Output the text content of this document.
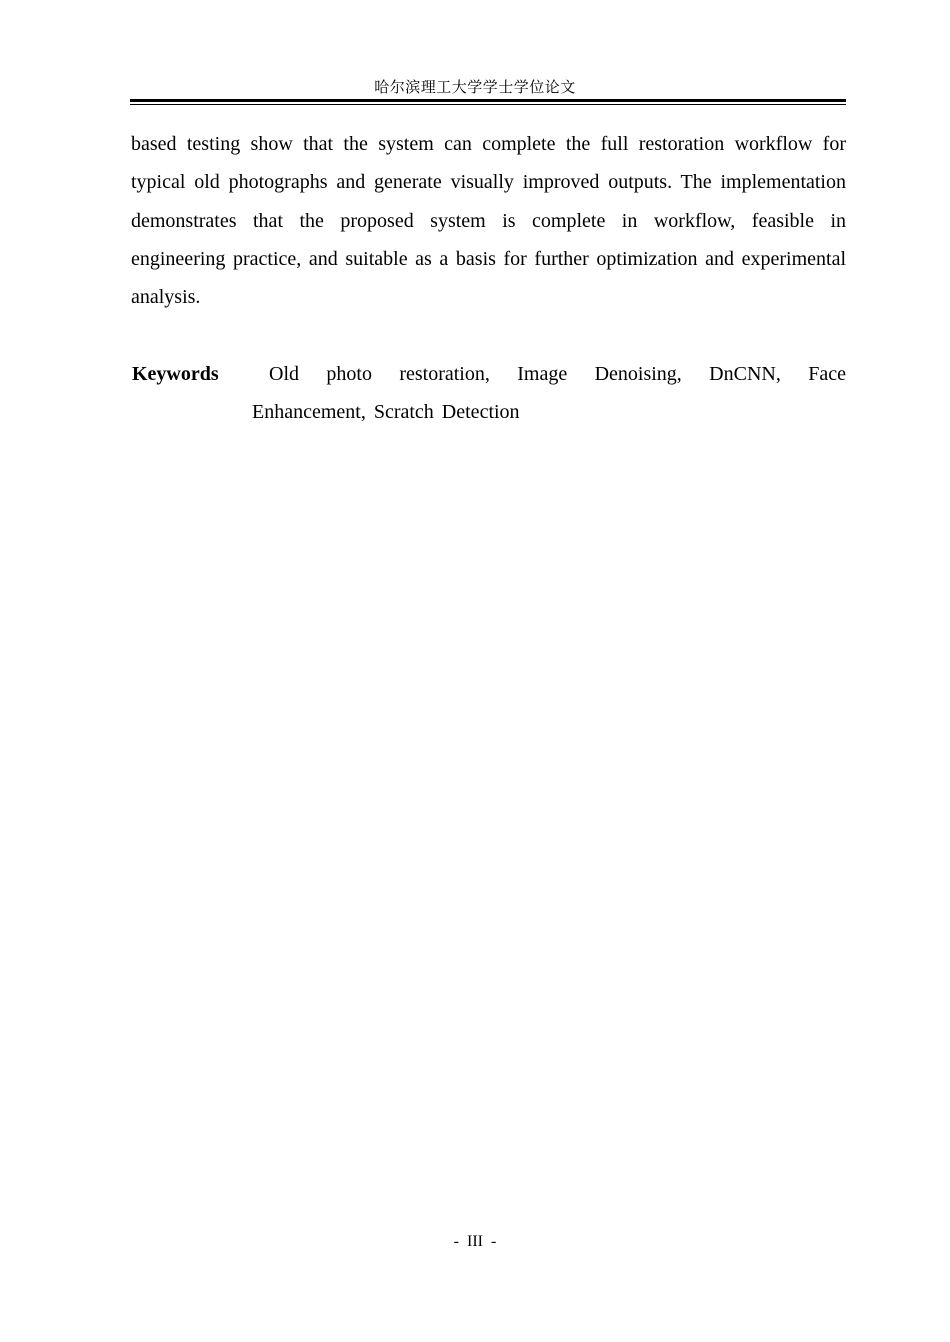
哈尔滨理工大学学士学位论文

based testing show that the system can complete the full restoration workflow for typical old photographs and generate visually improved outputs. The implementation demonstrates that the proposed system is complete in workflow, feasible in engineering practice, and suitable as a basis for further optimization and experimental analysis.

Keywords	Old photo restoration, Image Denoising, DnCNN, Face Enhancement, Scratch Detection

- III -
